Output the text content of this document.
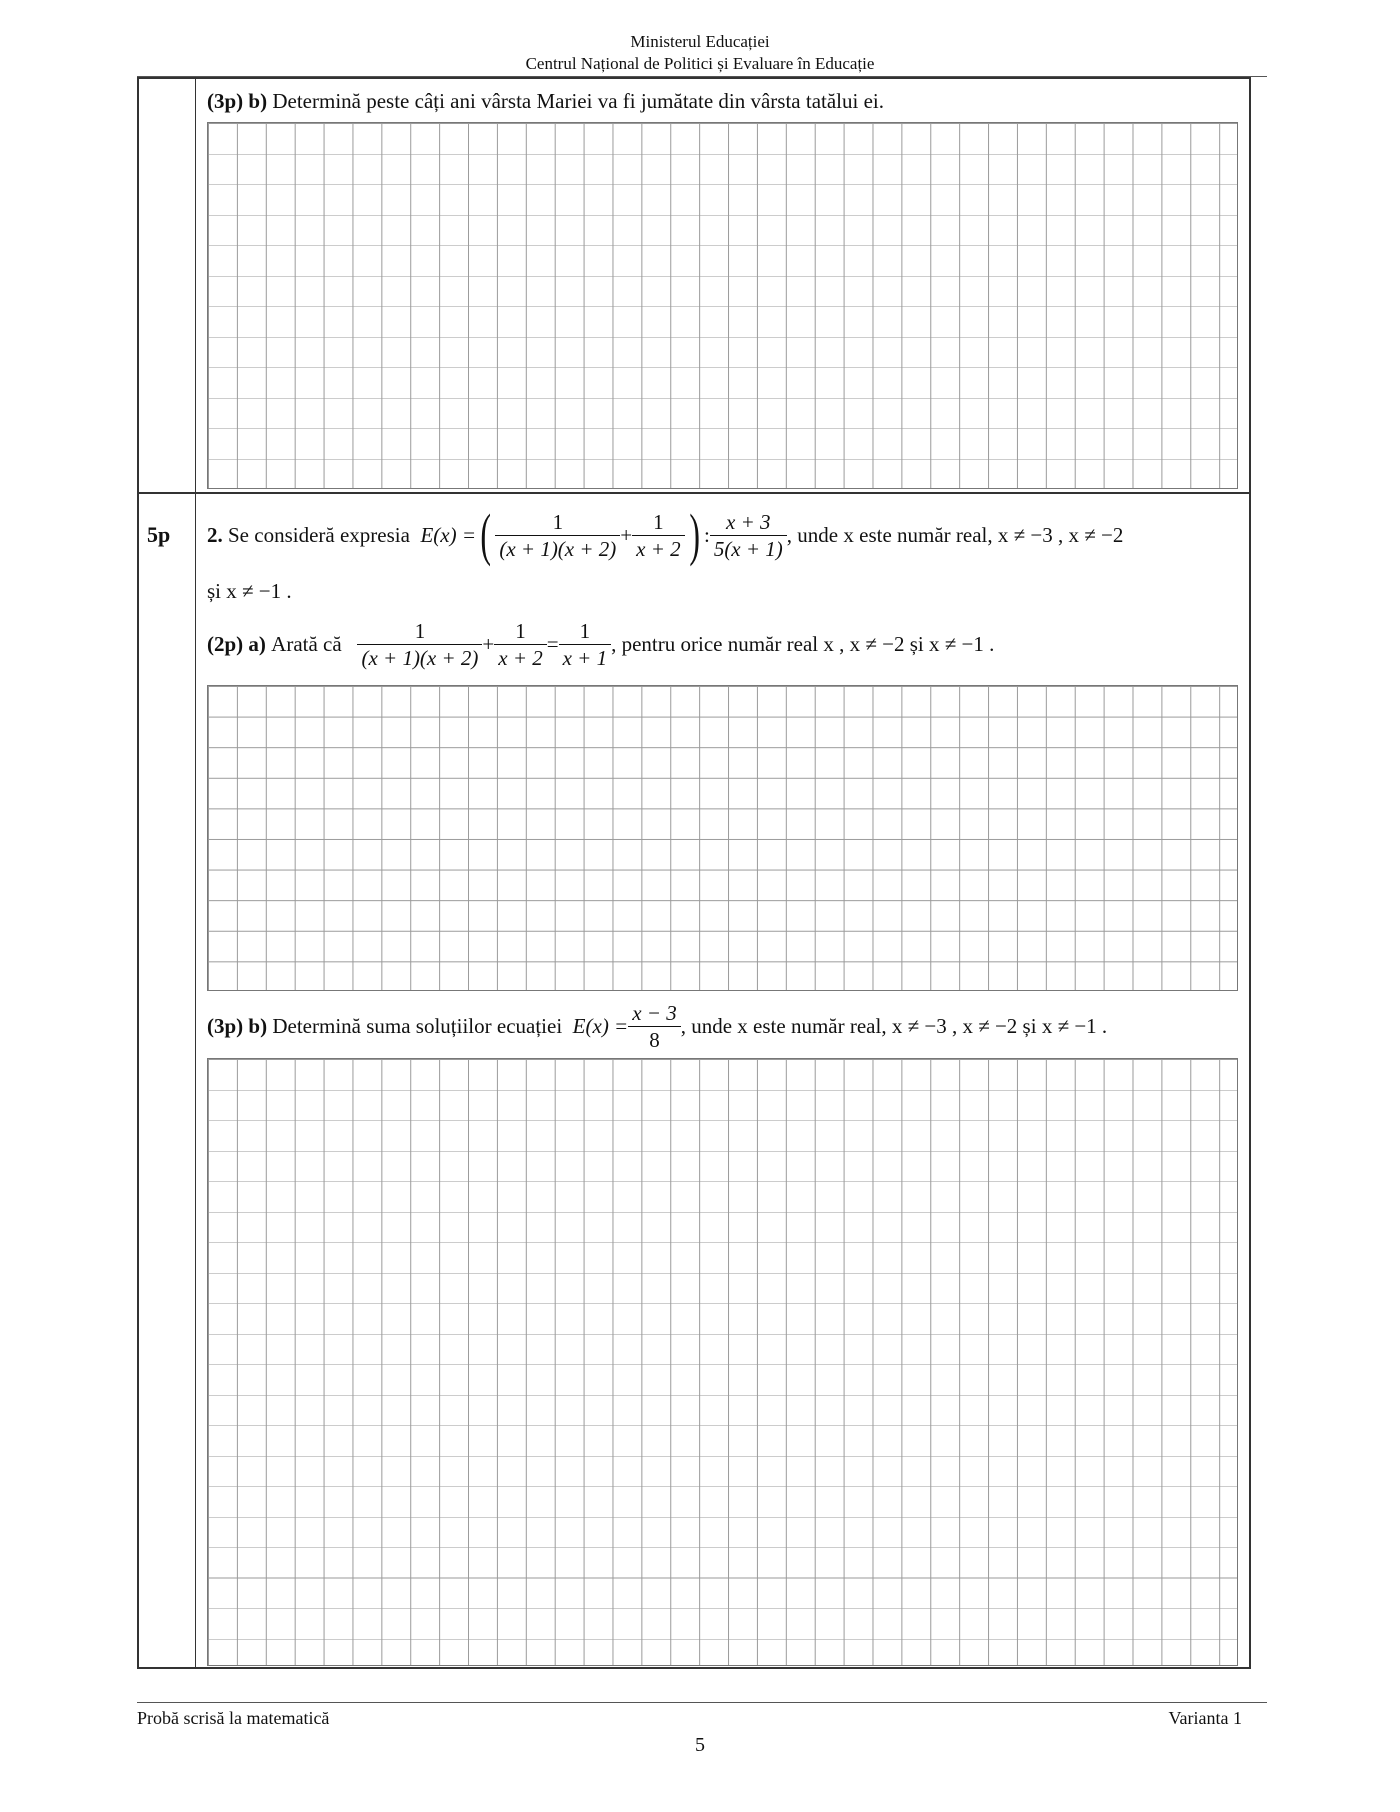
Ministerul Educației
Centrul Național de Politici și Evaluare în Educație
(3p) b) Determină peste câți ani vârsta Mariei va fi jumătate din vârsta tatălui ei.
5p 2.
Se consideră expresia
E(x) = ( $\frac{1}{(x + 1)(x + 2)} + \frac{1}{x + 2}$ ) : $\frac{x + 3}{5(x + 1)}$ , unde x este număr real, x ≠ −3 , x ≠ −2
și x ≠ −1 .
(2p) a)
Arată că
$\frac{1}{(x + 1)(x + 2)} + \frac{1}{x + 2} = \frac{1}{x + 1}$ , pentru orice număr real x , x ≠ −2 și x ≠ −1 .
(3p) b)
Determină suma soluțiilor ecuației
$E(x) = \frac{x - 3}{8}$ , unde x este număr real, x ≠ −3 , x ≠ −2 și x ≠ −1 .
Probă scrisă la matematică	Varianta 1
5
